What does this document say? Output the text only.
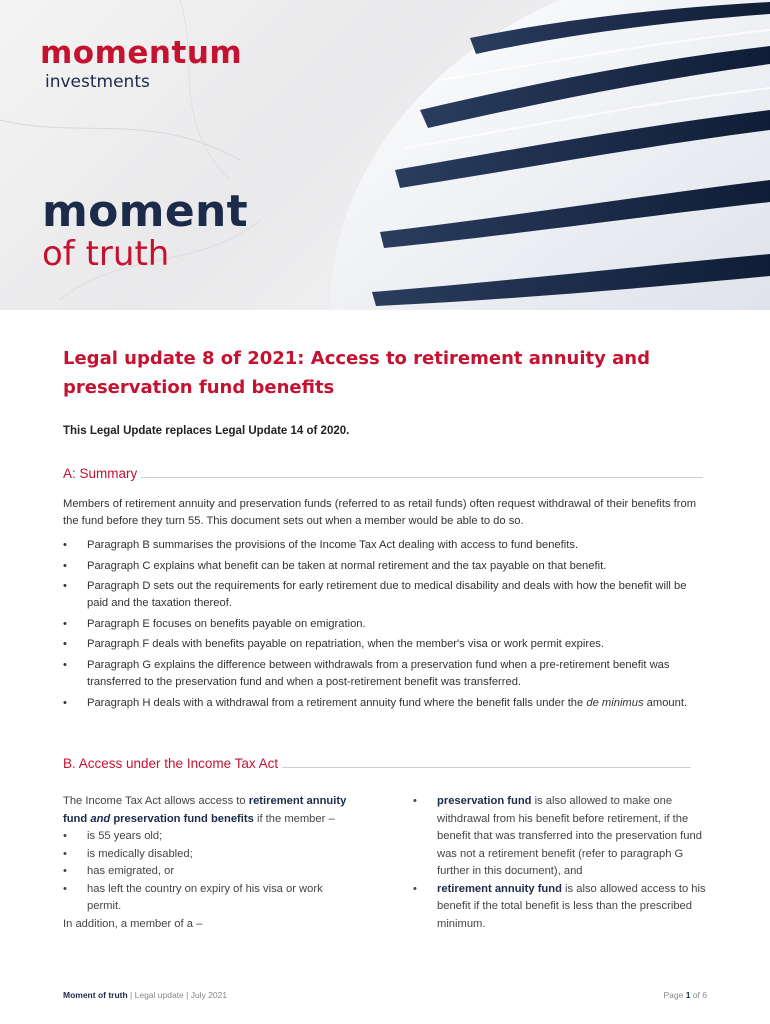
momentum
investments
moment
of truth
Legal update 8 of 2021: Access to retirement annuity and preservation fund benefits
This Legal Update replaces Legal Update 14 of 2020.
A: Summary
Members of retirement annuity and preservation funds (referred to as retail funds) often request withdrawal of their benefits from the fund before they turn 55. This document sets out when a member would be able to do so.
• Paragraph B summarises the provisions of the Income Tax Act dealing with access to fund benefits.
• Paragraph C explains what benefit can be taken at normal retirement and the tax payable on that benefit.
• Paragraph D sets out the requirements for early retirement due to medical disability and deals with how the benefit will be paid and the taxation thereof.
• Paragraph E focuses on benefits payable on emigration.
• Paragraph F deals with benefits payable on repatriation, when the member's visa or work permit expires.
• Paragraph G explains the difference between withdrawals from a preservation fund when a pre-retirement benefit was transferred to the preservation fund and when a post-retirement benefit was transferred.
• Paragraph H deals with a withdrawal from a retirement annuity fund where the benefit falls under the de minimus amount.
B. Access under the Income Tax Act
The Income Tax Act allows access to retirement annuity fund and preservation fund benefits if the member –
• is 55 years old;
• is medically disabled;
• has emigrated, or
• has left the country on expiry of his visa or work permit.
In addition, a member of a –
• preservation fund is also allowed to make one withdrawal from his benefit before retirement, if the benefit that was transferred into the preservation fund was not a retirement benefit (refer to paragraph G further in this document), and
• retirement annuity fund is also allowed access to his benefit if the total benefit is less than the prescribed minimum.
Moment of truth | Legal update | July 2021	Page 1 of 6
